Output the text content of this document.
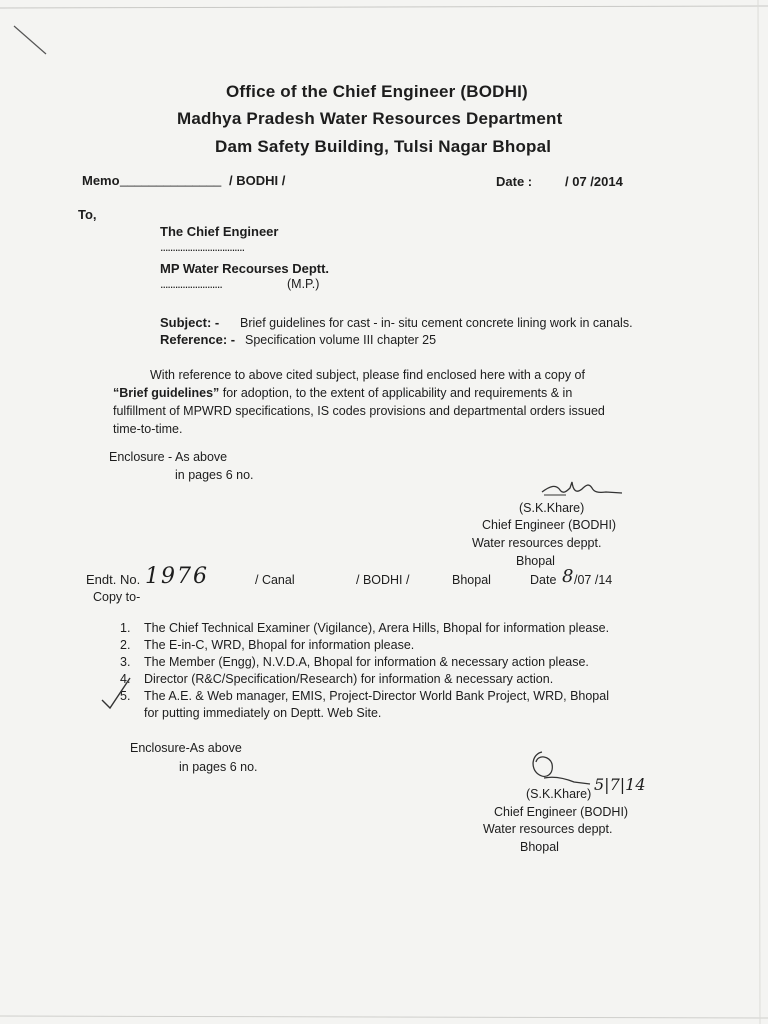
Office of the Chief Engineer (BODHI)
Madhya Pradesh Water Resources Department
Dam Safety Building, Tulsi Nagar Bhopal
Memo ______________ / BODHI /	Date :	/ 07 /2014
To,
The Chief Engineer
..................................
MP Water Recourses Deptt.
.........................	(M.P.)
Subject: - Brief guidelines for cast - in- situ cement concrete lining work in canals.
Reference: - Specification volume III chapter 25
With reference to above cited subject, please find enclosed here with a copy of
“Brief guidelines” for adoption, to the extent of applicability and requirements & in
fulfillment of MPWRD specifications, IS codes provisions and departmental orders issued
time-to-time.
Enclosure - As above
in pages 6 no.
(S.K.Khare)
Chief Engineer (BODHI)
Water resources deppt.
Bhopal
Endt. No. 1976	/ Canal	/ BODHI /	Bhopal	Date 8 /07 /14
Copy to-
1. The Chief Technical Examiner (Vigilance), Arera Hills, Bhopal for information please.
2. The E-in-C, WRD, Bhopal for information please.
3. The Member (Engg), N.V.D.A, Bhopal for information & necessary action please.
4. Director (R&C/Specification/Research) for information & necessary action.
5. The A.E. & Web manager, EMIS, Project-Director World Bank Project, WRD, Bhopal
for putting immediately on Deptt. Web Site.
Enclosure-As above
in pages 6 no.
(S.K.Khare) 5|7|14
Chief Engineer (BODHI)
Water resources deppt.
Bhopal
